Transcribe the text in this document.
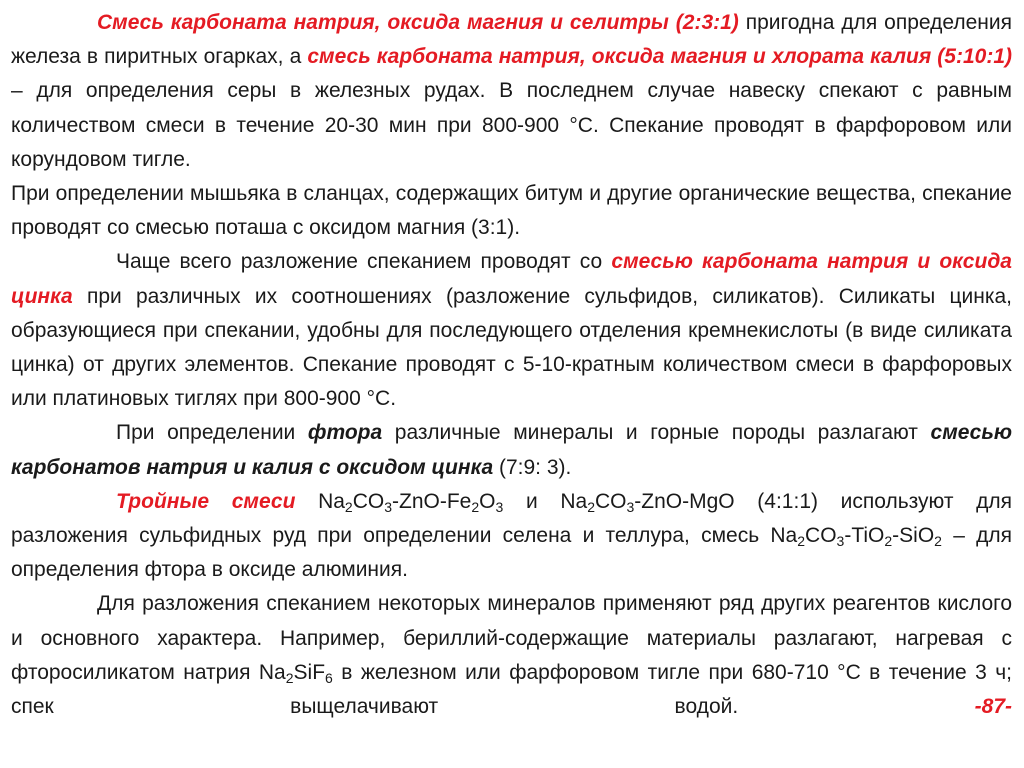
Смесь карбоната натрия, оксида магния и селитры (2:3:1) пригодна для определения железа в пиритных огарках, а смесь карбоната натрия, оксида магния и хлората калия (5:10:1) – для определения серы в железных рудах. В последнем случае навеску спекают с равным количеством смеси в течение 20-30 мин при 800-900 °С. Спекание проводят в фарфоровом или корундовом тигле.

При определении мышьяка в сланцах, содержащих битум и другие органические вещества, спекание проводят со смесью поташа с оксидом магния (3:1).

Чаще всего разложение спеканием проводят со смесью карбоната натрия и оксида цинка при различных их соотношениях (разложение сульфидов, силикатов). Силикаты цинка, образующиеся при спекании, удобны для последующего отделения кремнекислоты (в виде силиката цинка) от других элементов. Спекание проводят с 5-10-кратным количеством смеси в фарфоровых или платиновых тиглях при 800-900 °С.

При определении фтора различные минералы и горные породы разлагают смесью карбонатов натрия и калия с оксидом цинка (7:9: 3).

Тройные смеси $Na_2CO_3-ZnO-Fe_2O_3$ и $Na_2CO_3-ZnO$-MgO (4:1:1) используют для разложения сульфидных руд при определении селена и теллура, смесь $Na_2CO_3-TiO_2-SiO_2$ – для определения фтора в оксиде алюминия.

Для разложения спеканием некоторых минералов применяют ряд других реагентов кислого и основного характера. Например, бериллий-содержащие материалы разлагают, нагревая с фторосиликатом натрия $Na_2SiF_6$ в железном или фарфоровом тигле при 680-710 °С в течение 3 ч; спек выщелачивают водой.	-87-
